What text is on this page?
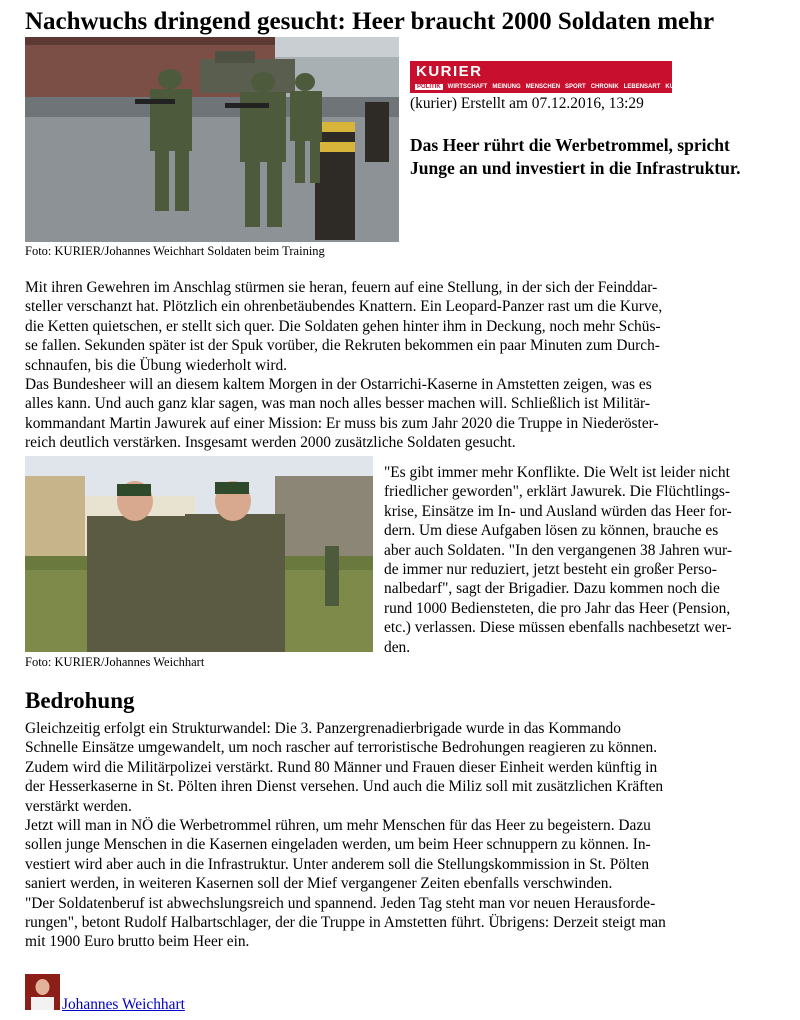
Nachwuchs dringend gesucht: Heer braucht 2000 Soldaten mehr
Foto: KURIER/Johannes Weichhart Soldaten beim Training
KURIER
POLITIK	WIRTSCHAFT MEINUNG MENSCHEN SPORT CHRONIK LEBENSART KULTUR KULT VIDEO
(kurier) Erstellt am 07.12.2016, 13:29

Das Heer rührt die Werbetrommel, spricht Junge an und investiert in die Infrastruktur.

Mit ihren Gewehren im Anschlag stürmen sie heran, feuern auf eine Stellung, in der sich der Feinddar-

steller verschanzt hat. Plötzlich ein ohrenbetäubendes Knattern. Ein Leopard-Panzer rast um die Kurve,

die Ketten quietschen, er stellt sich quer. Die Soldaten gehen hinter ihm in Deckung, noch mehr Schüs-

se fallen. Sekunden später ist der Spuk vorüber, die Rekruten bekommen ein paar Minuten zum Durch-

schnaufen, bis die Übung wiederholt wird.

Das Bundesheer will an diesem kaltem Morgen in der Ostarrichi-Kaserne in Amstetten zeigen, was es

alles kann. Und auch ganz klar sagen, was man noch alles besser machen will. Schließlich ist Militär-

kommandant Martin Jawurek auf einer Mission: Er muss bis zum Jahr 2020 die Truppe in Niederöster-

reich deutlich verstärken. Insgesamt werden 2000 zusätzliche Soldaten gesucht.

Foto: KURIER/Johannes Weichhart

"Es gibt immer mehr Konflikte. Die Welt ist leider nicht

friedlicher geworden", erklärt Jawurek. Die Flüchtlings-

krise, Einsätze im In- und Ausland würden das Heer for-

dern. Um diese Aufgaben lösen zu können, brauche es

aber auch Soldaten. "In den vergangenen 38 Jahren wur-

de immer nur reduziert, jetzt besteht ein großer Perso-

nalbedarf", sagt der Brigadier. Dazu kommen noch die

rund 1000 Bediensteten, die pro Jahr das Heer (Pension,

etc.) verlassen. Diese müssen ebenfalls nachbesetzt wer-

den.

Bedrohung

Gleichzeitig erfolgt ein Strukturwandel: Die 3. Panzergrenadierbrigade wurde in das Kommando

Schnelle Einsätze umgewandelt, um noch rascher auf terroristische Bedrohungen reagieren zu können.

Zudem wird die Militärpolizei verstärkt. Rund 80 Männer und Frauen dieser Einheit werden künftig in

der Hesserkaserne in St. Pölten ihren Dienst versehen. Und auch die Miliz soll mit zusätzlichen Kräften

verstärkt werden.

Jetzt will man in NÖ die Werbetrommel rühren, um mehr Menschen für das Heer zu begeistern. Dazu

sollen junge Menschen in die Kasernen eingeladen werden, um beim Heer schnuppern zu können. In-

vestiert wird aber auch in die Infrastruktur. Unter anderem soll die Stellungskommission in St. Pölten

saniert werden, in weiteren Kasernen soll der Mief vergangener Zeiten ebenfalls verschwinden.

"Der Soldatenberuf ist abwechslungsreich und spannend. Jeden Tag steht man vor neuen Herausforde-

rungen", betont Rudolf Halbartschlager, der die Truppe in Amstetten führt. Übrigens: Derzeit steigt man

mit 1900 Euro brutto beim Heer ein.

Johannes Weichhart
